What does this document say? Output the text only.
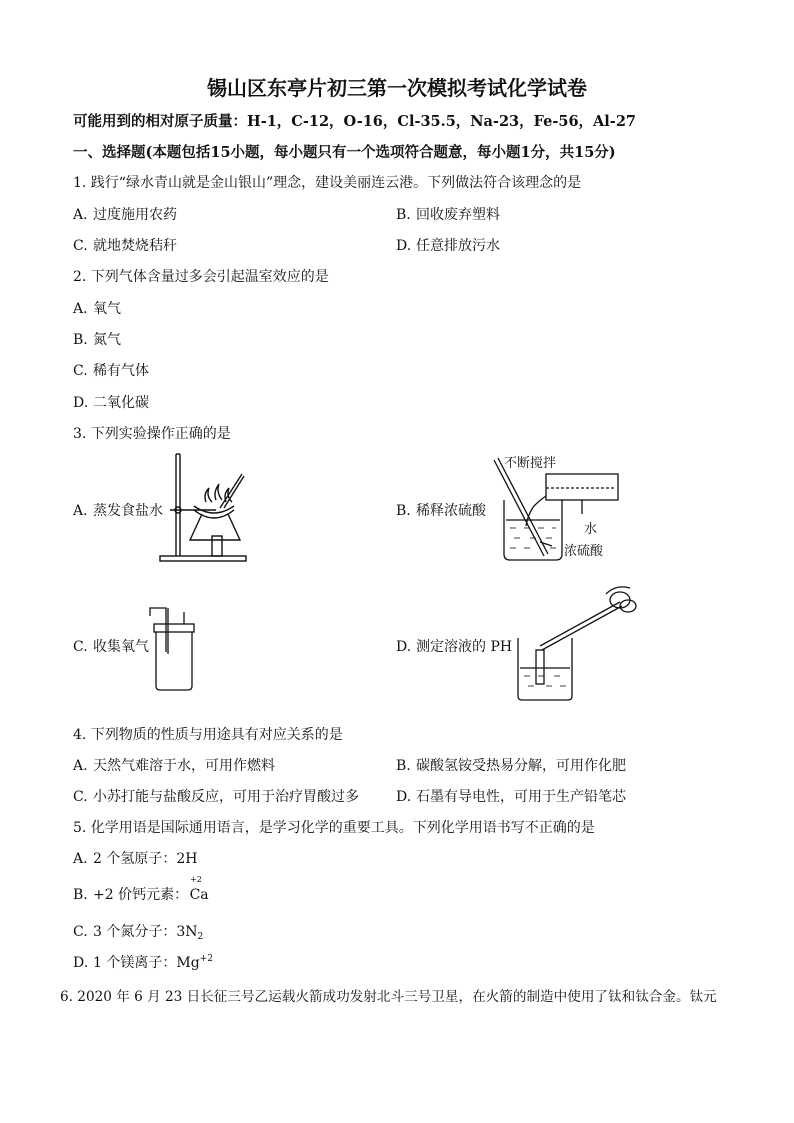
锡山区东亭片初三第一次模拟考试化学试卷
可能用到的相对原子质量：H-1，C-12，O-16，Cl-35.5，Na-23，Fe-56，Al-27
一、选择题(本题包括15小题，每小题只有一个选项符合题意，每小题1分，共15分)
1. 践行“绿水青山就是金山银山”理念，建设美丽连云港。下列做法符合该理念的是
A. 过度施用农药	B. 回收废弃塑料
C. 就地焚烧秸秆	D. 任意排放污水
2. 下列气体含量过多会引起温室效应的是
A. 氧气
B. 氮气
C. 稀有气体
D. 二氧化碳
3. 下列实验操作正确的是
A. 蒸发食盐水	B. 稀释浓硫酸
不断搅拌
水
浓硫酸
C. 收集氧气	D. 测定溶液的 PH
4. 下列物质的性质与用途具有对应关系的是
A. 天然气难溶于水，可用作燃料	B. 碳酸氢铵受热易分解，可用作化肥
C. 小苏打能与盐酸反应，可用于治疗胃酸过多	D. 石墨有导电性，可用于生产铅笔芯
5. 化学用语是国际通用语言，是学习化学的重要工具。下列化学用语书写不正确的是
A. 2 个氢原子：2H
B. +2 价钙元素：
+2
Ca
C. 3 个氮分子：$3N_2$
D. 1 个镁离子：$Mg^{+2}$
6. 2020 年 6 月 23 日长征三号乙运载火箭成功发射北斗三号卫星，在火箭的制造中使用了钛和钛合金。钛元
